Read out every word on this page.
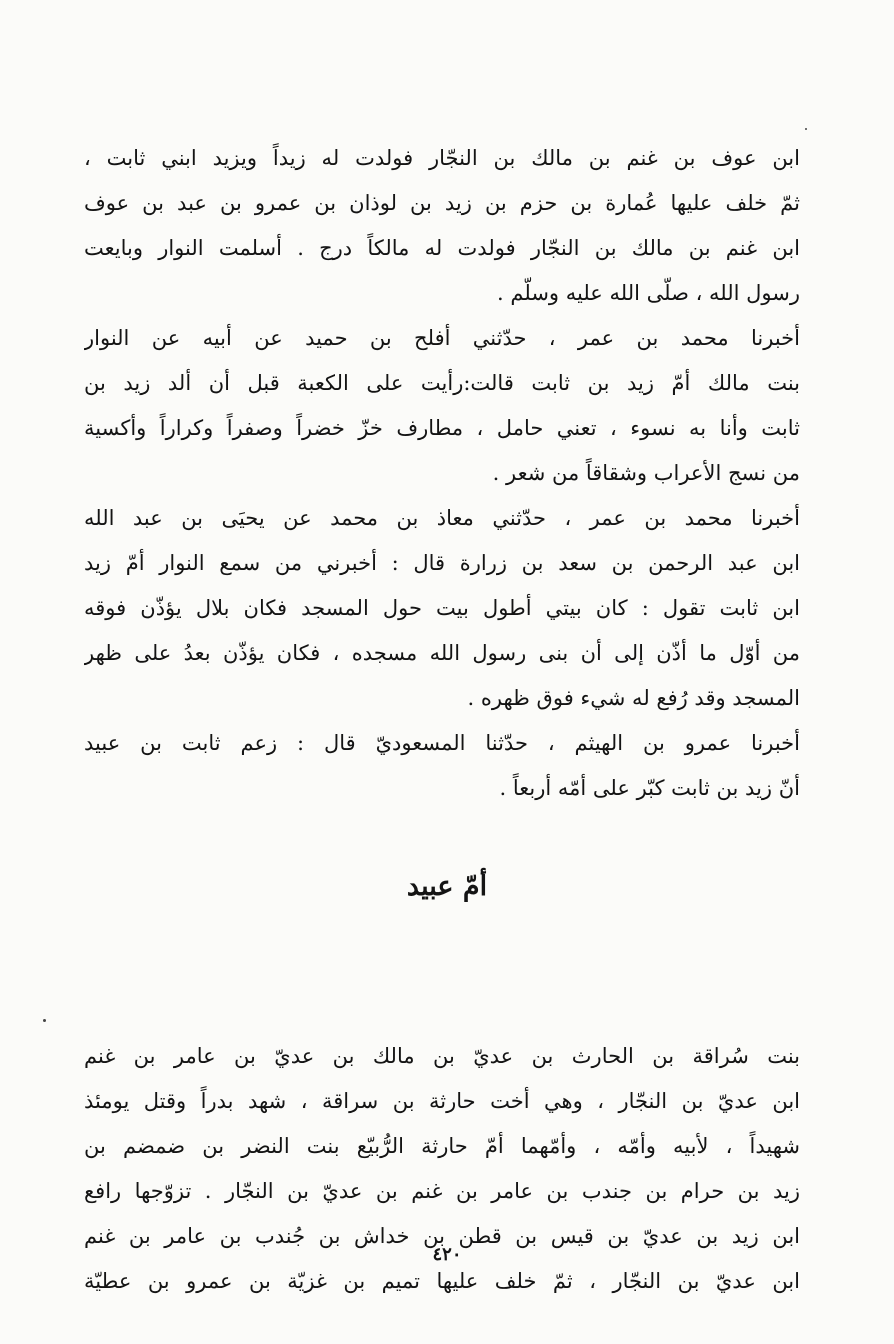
ابن عوف بن غنم بن مالك بن النجّار فولدت له زيداً ويزيد ابني ثابت ،
ثمّ خلف عليها عُمارة بن حزم بن زيد بن لوذان بن عمرو بن عبد بن عوف
ابن غنم بن مالك بن النجّار فولدت له مالكاً درج . أسلمت النوار وبايعت
رسول الله ، صلّى الله عليه وسلّم .
أخبرنا محمد بن عمر ، حدّثني أفلح بن حميد عن أبيه عن النوار
بنت مالك أمّ زيد بن ثابت قالت:رأيت على الكعبة قبل أن ألد زيد بن
ثابت وأنا به نسوء ، تعني حامل ، مطارف خزّ خضراً وصفراً وكراراً وأكسية
من نسج الأعراب وشقاقاً من شعر .
أخبرنا محمد بن عمر ، حدّثني معاذ بن محمد عن يحيَى بن عبد الله
ابن عبد الرحمن بن سعد بن زرارة قال : أخبرني من سمع النوار أمّ زيد
ابن ثابت تقول : كان بيتي أطول بيت حول المسجد فكان بلال يؤذّن فوقه
من أوّل ما أذّن إلى أن بنى رسول الله مسجده ، فكان يؤذّن بعدُ على ظهر
المسجد وقد رُفع له شيء فوق ظهره .
أخبرنا عمرو بن الهيثم ، حدّثنا المسعوديّ قال : زعم ثابت بن عبيد
أنّ زيد بن ثابت كبّر على أمّه أربعاً .
أمّ عبيد
بنت سُراقة بن الحارث بن عديّ بن مالك بن عديّ بن عامر بن غنم
ابن عديّ بن النجّار ، وهي أخت حارثة بن سراقة ، شهد بدراً وقتل يومئذ
شهيداً ، لأبيه وأمّه ، وأمّهما أمّ حارثة الرُّبيّع بنت النضر بن ضمضم بن
زيد بن حرام بن جندب بن عامر بن غنم بن عديّ بن النجّار . تزوّجها رافع
ابن زيد بن عديّ بن قيس بن قطن بن خداش بن جُندب بن عامر بن غنم
ابن عديّ بن النجّار ، ثمّ خلف عليها تميم بن غزيّة بن عمرو بن عطيّة
٤٢٠
